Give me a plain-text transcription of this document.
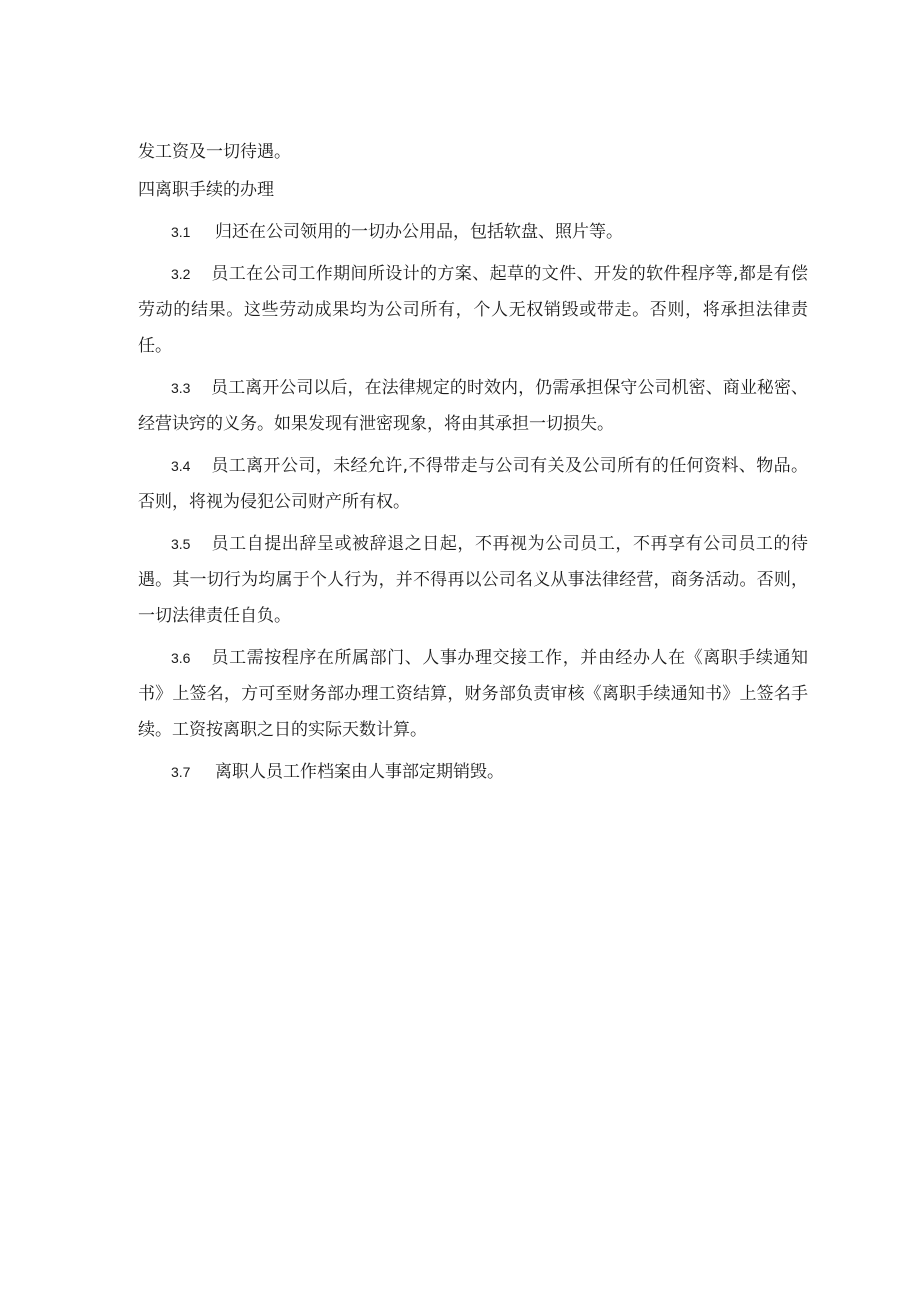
发工资及一切待遇。

四离职手续的办理

3.1 归还在公司领用的一切办公用品，包括软盘、照片等。
3.2 员工在公司工作期间所设计的方案、起草的文件、开发的软件程序等,都是有偿劳动的结果。这些劳动成果均为公司所有，个人无权销毁或带走。否则，将承担法律责任。
3.3 员工离开公司以后，在法律规定的时效内，仍需承担保守公司机密、商业秘密、经营诀窍的义务。如果发现有泄密现象，将由其承担一切损失。
3.4 员工离开公司，未经允许,不得带走与公司有关及公司所有的任何资料、物品。否则，将视为侵犯公司财产所有权。
3.5 员工自提出辞呈或被辞退之日起，不再视为公司员工，不再享有公司员工的待遇。其一切行为均属于个人行为，并不得再以公司名义从事法律经营，商务活动。否则，一切法律责任自负。
3.6 员工需按程序在所属部门、人事办理交接工作，并由经办人在《离职手续通知书》上签名，方可至财务部办理工资结算，财务部负责审核《离职手续通知书》上签名手续。工资按离职之日的实际天数计算。
3.7 离职人员工作档案由人事部定期销毁。
